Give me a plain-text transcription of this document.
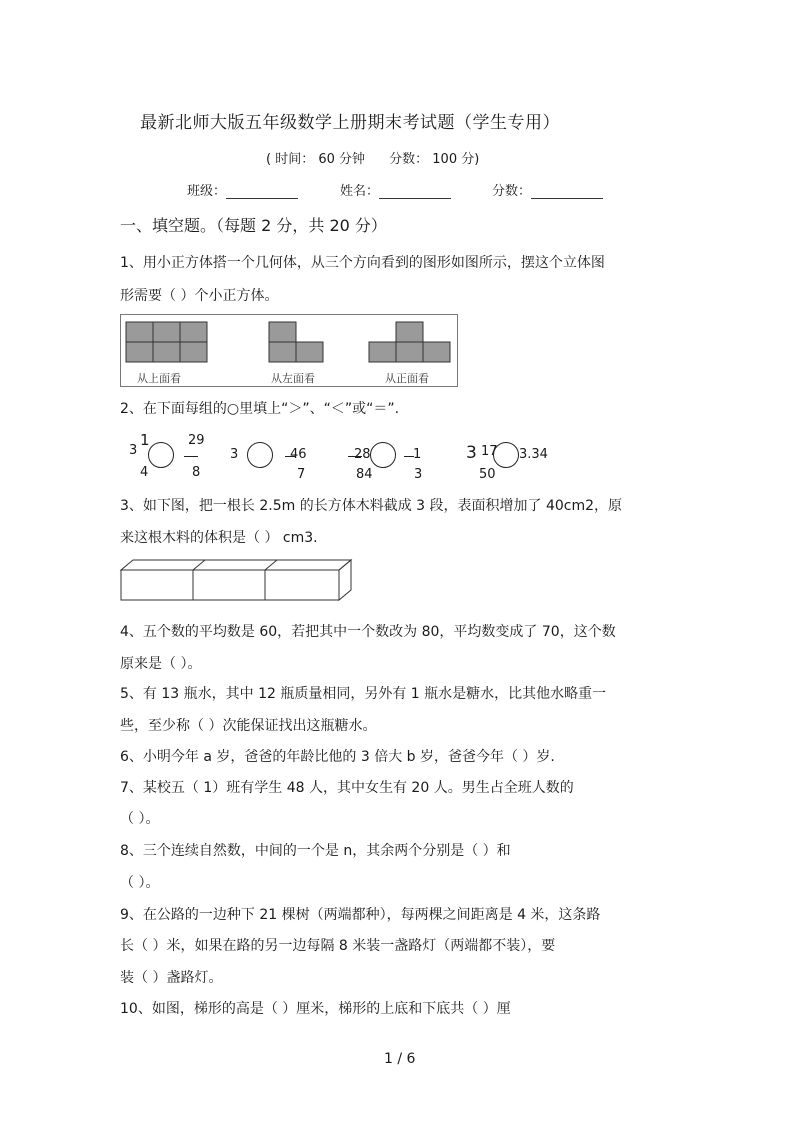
最新北师大版五年级数学上册期末考试题（学生专用）
( 时间： 60 分钟 分数： 100 分)
班级：	姓名：	分数：
一、填空题。（每题 2 分，共 20 分）
1、用小正方体搭一个几何体，从三个方向看到的图形如图所示，摆这个立体图
形需要（ ）个小正方体。
从上面看	从左面看	从正面看
2、在下面每组的○里填上“＞”、“＜”或“＝”.
3
1
4
29
8
3	46
7
28
84
1
3
3 17
50
3.34
3、如下图，把一根长 2.5m 的长方体木料截成 3 段，表面积增加了 40cm2，原
来这根木料的体积是（ ） cm3.
4、五个数的平均数是 60，若把其中一个数改为 80，平均数变成了 70，这个数
原来是（ ）。
5、有 13 瓶水，其中 12 瓶质量相同，另外有 1 瓶水是糖水，比其他水略重一
些，至少称（ ）次能保证找出这瓶糖水。
6、小明今年 a 岁，爸爸的年龄比他的 3 倍大 b 岁，爸爸今年（ ）岁.
7、某校五（ 1）班有学生 48 人，其中女生有 20 人。男生占全班人数的
（ ）。
8、三个连续自然数，中间的一个是 n，其余两个分别是（ ）和
（ ）。
9、在公路的一边种下 21 棵树（两端都种），每两棵之间距离是 4 米，这条路
长（ ）米，如果在路的另一边每隔 8 米装一盏路灯（两端都不装），要
装（ ）盏路灯。
10、如图，梯形的高是（ ）厘米，梯形的上底和下底共（ ）厘
1 / 6
